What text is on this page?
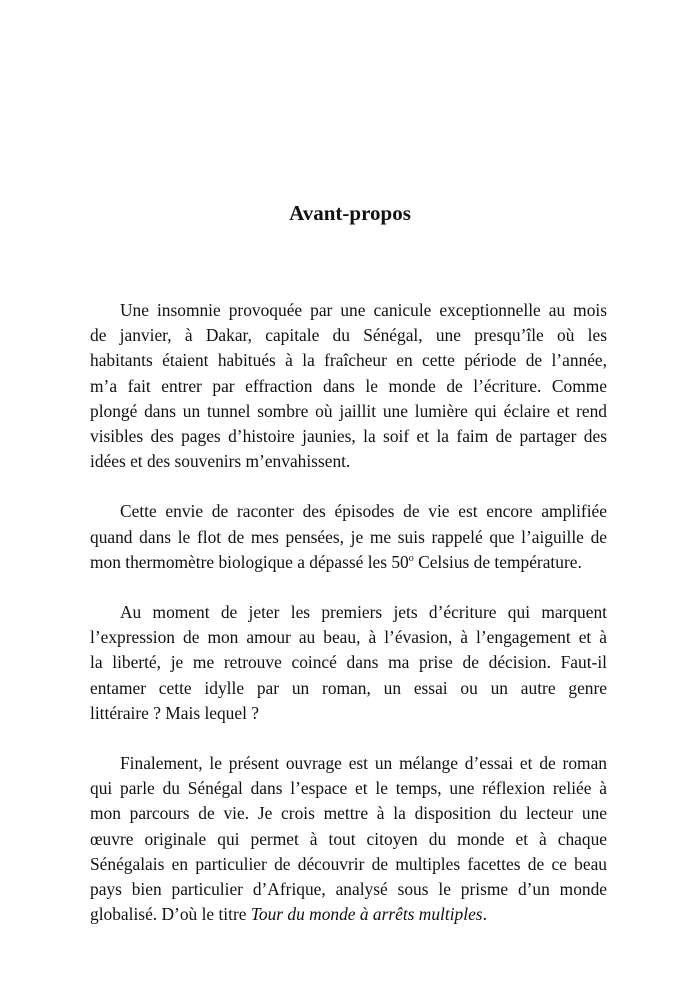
Avant-propos

Une insomnie provoquée par une canicule exceptionnelle au mois
de janvier, à Dakar, capitale du Sénégal, une presqu’île où les
habitants étaient habitués à la fraîcheur en cette période de l’année,
m’a fait entrer par effraction dans le monde de l’écriture. Comme
plongé dans un tunnel sombre où jaillit une lumière qui éclaire et rend
visibles des pages d’histoire jaunies, la soif et la faim de partager des
idées et des souvenirs m’envahissent.

Cette envie de raconter des épisodes de vie est encore amplifiée
quand dans le flot de mes pensées, je me suis rappelé que l’aiguille de
mon thermomètre biologique a dépassé les 50$^o$ Celsius de température.

Au moment de jeter les premiers jets d’écriture qui marquent
l’expression de mon amour au beau, à l’évasion, à l’engagement et à
la liberté, je me retrouve coincé dans ma prise de décision. Faut-il
entamer cette idylle par un roman, un essai ou un autre genre
littéraire ? Mais lequel ?

Finalement, le présent ouvrage est un mélange d’essai et de roman
qui parle du Sénégal dans l’espace et le temps, une réflexion reliée à
mon parcours de vie. Je crois mettre à la disposition du lecteur une
œuvre originale qui permet à tout citoyen du monde et à chaque
Sénégalais en particulier de découvrir de multiples facettes de ce beau
pays bien particulier d’Afrique, analysé sous le prisme d’un monde
globalisé. D’où le titre Tour du monde à arrêts multiples.
